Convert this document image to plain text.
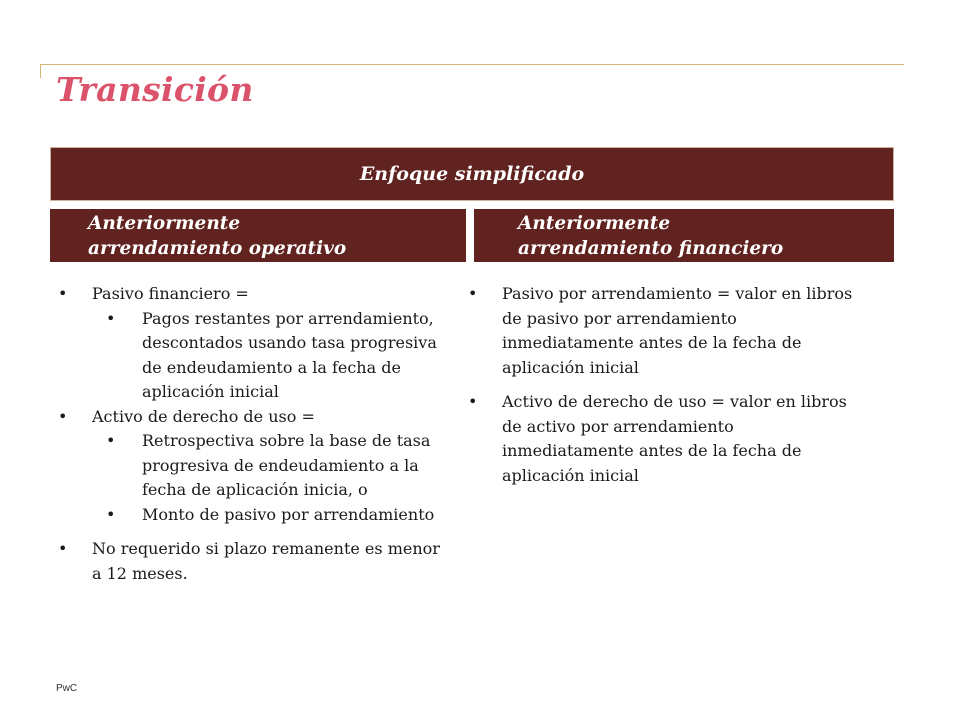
Transición
Enfoque simplificado
Anteriormente
arrendamiento operativo
Anteriormente
arrendamiento financiero
• Pasivo financiero =
• Pagos restantes por arrendamiento, descontados usando tasa progresiva de endeudamiento a la fecha de aplicación inicial
• Activo de derecho de uso =
• Retrospectiva sobre la base de tasa progresiva de endeudamiento a la fecha de aplicación inicia, o
• Monto de pasivo por arrendamiento
• No requerido si plazo remanente es menor a 12 meses.
• Pasivo por arrendamiento = valor en libros de pasivo por arrendamiento inmediatamente antes de la fecha de aplicación inicial
• Activo de derecho de uso = valor en libros de activo por arrendamiento inmediatamente antes de la fecha de aplicación inicial
PwC
